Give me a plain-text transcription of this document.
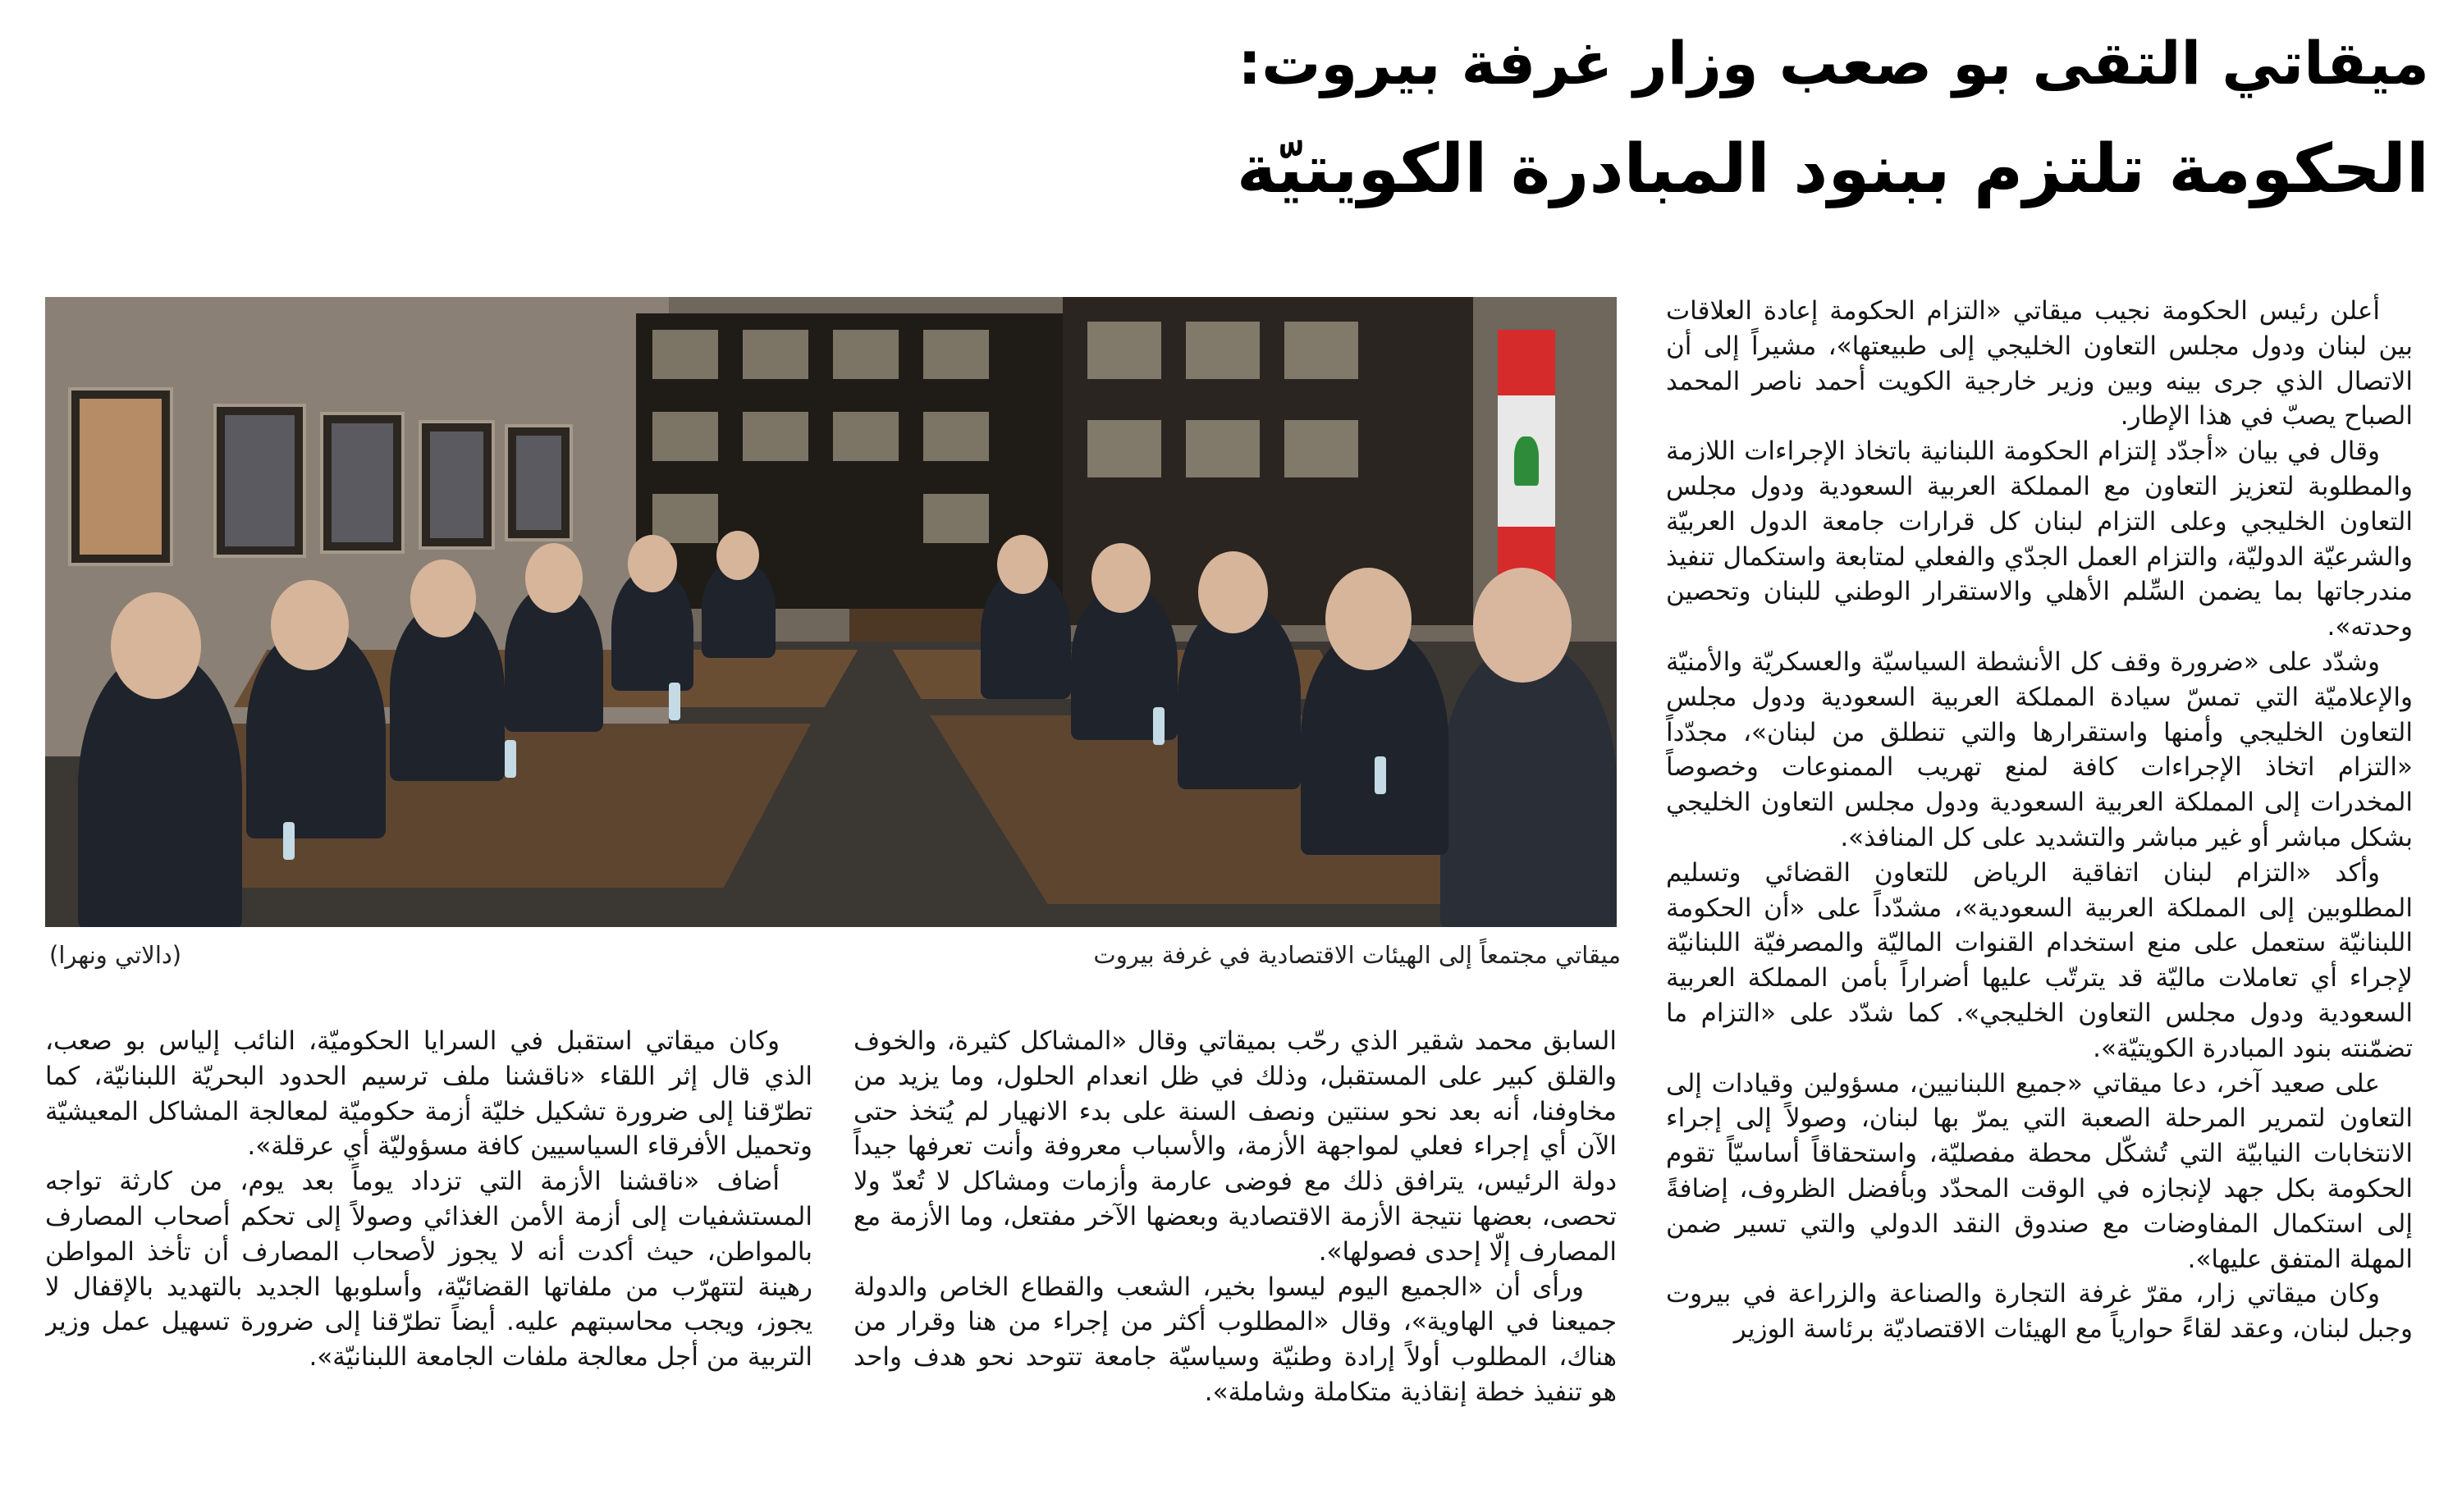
ميقاتي التقى بو صعب وزار غرفة بيروت:
الحكومة تلتزم ببنود المبادرة الكويتيّة
ميقاتي مجتمعاً إلى الهيئات الاقتصادية في غرفة بيروت
(دالاتي ونهرا)

أعلن رئيس الحكومة نجيب ميقاتي «التزام الحكومة إعادة العلاقات بين لبنان ودول مجلس التعاون الخليجي إلى طبيعتها»، مشيراً إلى أن الاتصال الذي جرى بينه وبين وزير خارجية الكويت أحمد ناصر المحمد الصباح يصبّ في هذا الإطار.

وقال في بيان «أجدّد إلتزام الحكومة اللبنانية باتخاذ الإجراءات اللازمة والمطلوبة لتعزيز التعاون مع المملكة العربية السعودية ودول مجلس التعاون الخليجي وعلى التزام لبنان كل قرارات جامعة الدول العربيّة والشرعيّة الدوليّة، والتزام العمل الجدّي والفعلي لمتابعة واستكمال تنفيذ مندرجاتها بما يضمن السِّلم الأهلي والاستقرار الوطني للبنان وتحصين وحدته».

وشدّد على «ضرورة وقف كل الأنشطة السياسيّة والعسكريّة والأمنيّة والإعلاميّة التي تمسّ سيادة المملكة العربية السعودية ودول مجلس التعاون الخليجي وأمنها واستقرارها والتي تنطلق من لبنان»، مجدّداً «التزام اتخاذ الإجراءات كافة لمنع تهريب الممنوعات وخصوصاً المخدرات إلى المملكة العربية السعودية ودول مجلس التعاون الخليجي بشكل مباشر أو غير مباشر والتشديد على كل المنافذ».

وأكد «التزام لبنان اتفاقية الرياض للتعاون القضائي وتسليم المطلوبين إلى المملكة العربية السعودية»، مشدّداً على «أن الحكومة اللبنانيّة ستعمل على منع استخدام القنوات الماليّة والمصرفيّة اللبنانيّة لإجراء أي تعاملات ماليّة قد يترتّب عليها أضراراً بأمن المملكة العربية السعودية ودول مجلس التعاون الخليجي». كما شدّد على «التزام ما تضمّنته بنود المبادرة الكويتيّة».

على صعيد آخر، دعا ميقاتي «جميع اللبنانيين، مسؤولين وقيادات إلى التعاون لتمرير المرحلة الصعبة التي يمرّ بها لبنان، وصولاً إلى إجراء الانتخابات النيابيّة التي تُشكّل محطة مفصليّة، واستحقاقاً أساسيّاً تقوم الحكومة بكل جهد لإنجازه في الوقت المحدّد وبأفضل الظروف، إضافةً إلى استكمال المفاوضات مع صندوق النقد الدولي والتي تسير ضمن المهلة المتفق عليها».

وكان ميقاتي زار، مقرّ غرفة التجارة والصناعة والزراعة في بيروت وجبل لبنان، وعقد لقاءً حوارياً مع الهيئات الاقتصاديّة برئاسة الوزير

السابق محمد شقير الذي رحّب بميقاتي وقال «المشاكل كثيرة، والخوف والقلق كبير على المستقبل، وذلك في ظل انعدام الحلول، وما يزيد من مخاوفنا، أنه بعد نحو سنتين ونصف السنة على بدء الانهيار لم يُتخذ حتى الآن أي إجراء فعلي لمواجهة الأزمة، والأسباب معروفة وأنت تعرفها جيداً دولة الرئيس، يترافق ذلك مع فوضى عارمة وأزمات ومشاكل لا تُعدّ ولا تحصى، بعضها نتيجة الأزمة الاقتصادية وبعضها الآخر مفتعل، وما الأزمة مع المصارف إلّا إحدى فصولها».

ورأى أن «الجميع اليوم ليسوا بخير، الشعب والقطاع الخاص والدولة جميعنا في الهاوية»، وقال «المطلوب أكثر من إجراء من هنا وقرار من هناك، المطلوب أولاً إرادة وطنيّة وسياسيّة جامعة تتوحد نحو هدف واحد هو تنفيذ خطة إنقاذية متكاملة وشاملة».

وكان ميقاتي استقبل في السرايا الحكوميّة، النائب إلياس بو صعب، الذي قال إثر اللقاء «ناقشنا ملف ترسيم الحدود البحريّة اللبنانيّة، كما تطرّقنا إلى ضرورة تشكيل خليّة أزمة حكوميّة لمعالجة المشاكل المعيشيّة وتحميل الأفرقاء السياسيين كافة مسؤوليّة أي عرقلة».

أضاف «ناقشنا الأزمة التي تزداد يوماً بعد يوم، من كارثة تواجه المستشفيات إلى أزمة الأمن الغذائي وصولاً إلى تحكم أصحاب المصارف بالمواطن، حيث أكدت أنه لا يجوز لأصحاب المصارف أن تأخذ المواطن رهينة لتتهرّب من ملفاتها القضائيّة، وأسلوبها الجديد بالتهديد بالإقفال لا يجوز، ويجب محاسبتهم عليه. أيضاً تطرّقنا إلى ضرورة تسهيل عمل وزير التربية من أجل معالجة ملفات الجامعة اللبنانيّة».
